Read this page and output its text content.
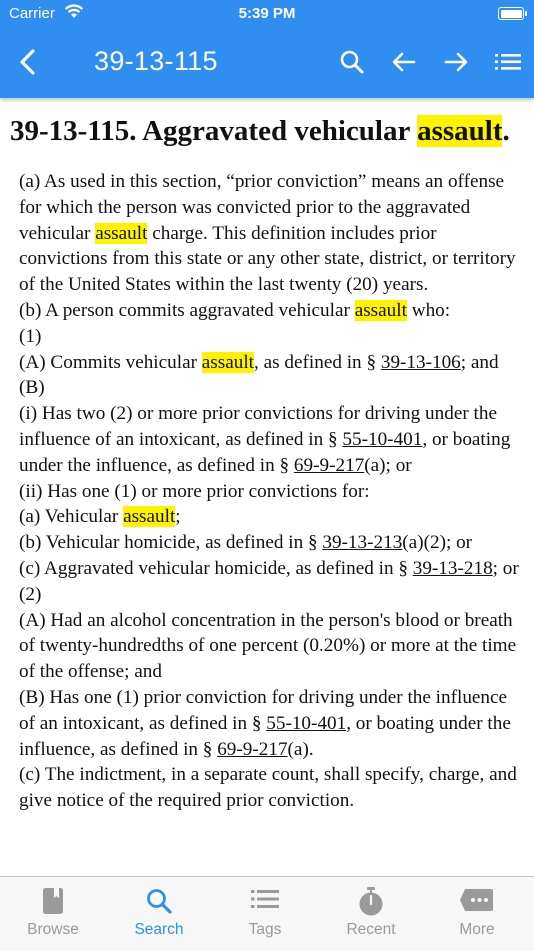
Carrier	5:39 PM
39-13-115
39-13-115. Aggravated vehicular assault.
(a) As used in this section, “prior conviction” means an offense for which the person was convicted prior to the aggravated vehicular assault charge. This definition includes prior convictions from this state or any other state, district, or territory of the United States within the last twenty (20) years.
(b) A person commits aggravated vehicular assault who:
(1)
(A) Commits vehicular assault, as defined in § 39-13-106; and
(B)
(i) Has two (2) or more prior convictions for driving under the influence of an intoxicant, as defined in § 55-10-401, or boating under the influence, as defined in § 69-9-217(a); or
(ii) Has one (1) or more prior convictions for:
(a) Vehicular assault;
(b) Vehicular homicide, as defined in § 39-13-213(a)(2); or
(c) Aggravated vehicular homicide, as defined in § 39-13-218; or
(2)
(A) Had an alcohol concentration in the person's blood or breath of twenty-hundredths of one percent (0.20%) or more at the time of the offense; and
(B) Has one (1) prior conviction for driving under the influence of an intoxicant, as defined in § 55-10-401, or boating under the influence, as defined in § 69-9-217(a).
(c) The indictment, in a separate count, shall specify, charge, and give notice of the required prior conviction.
Browse	Search	Tags	Recent	More
